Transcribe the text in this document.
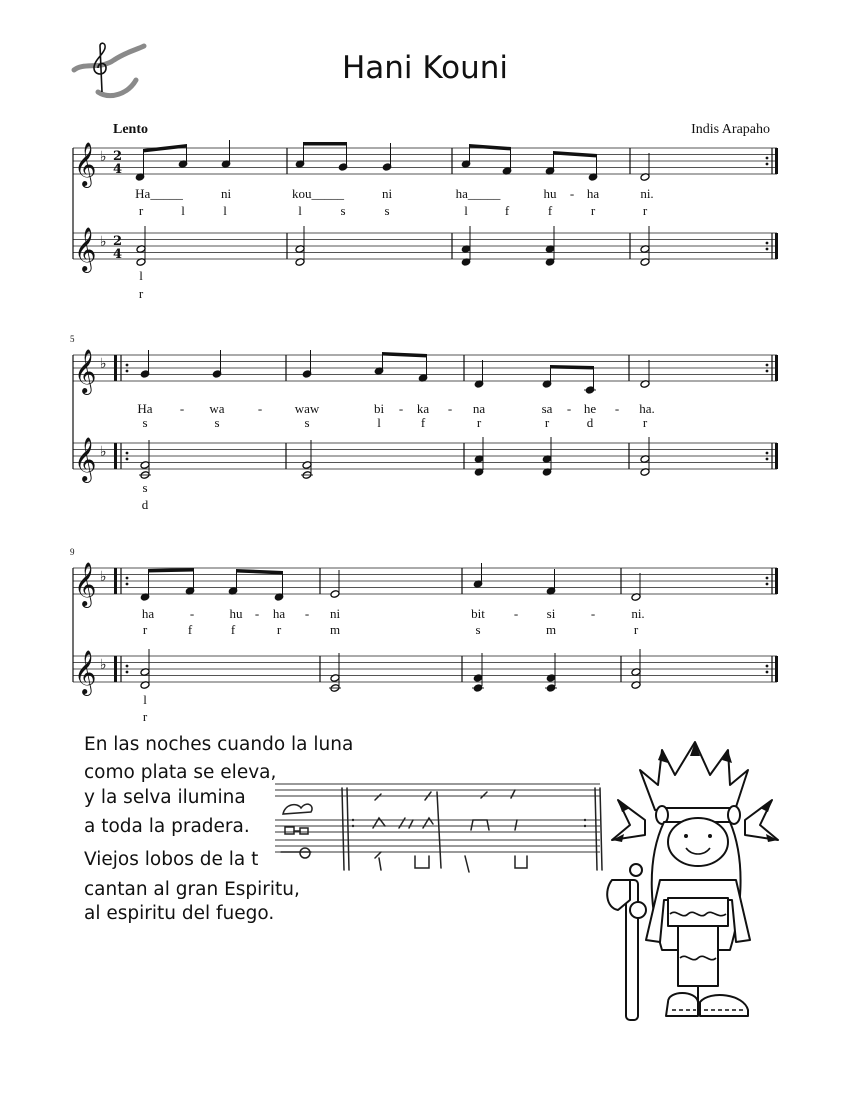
Hani Kouni
Lento	Indis Arapaho
𝄞
𝄞
𝄞
𝄞
𝄞
𝄞
♭
♭
♭
♭
♭
♭
2
4
2
4
5
9
Ha_____	ni	kou_____	ni	ha_____	hu - ha	ni.
r	l	l	l	s	s	l	f	f	r	r
l
r
Ha - wa	-	waw	bi - ka - na	sa - he - ha.
s	s	s	l	f	r	r	d	r
s
d
ha	-	hu - ha - ni	bit - si	-	ni.
r	f	f	r	m	s	m	r
l
r
En las noches cuando la luna
como plata se eleva,
y la selva ilumina
a toda la pradera.
Viejos lobos de la t
cantan al gran Espiritu,
al espiritu del fuego.
